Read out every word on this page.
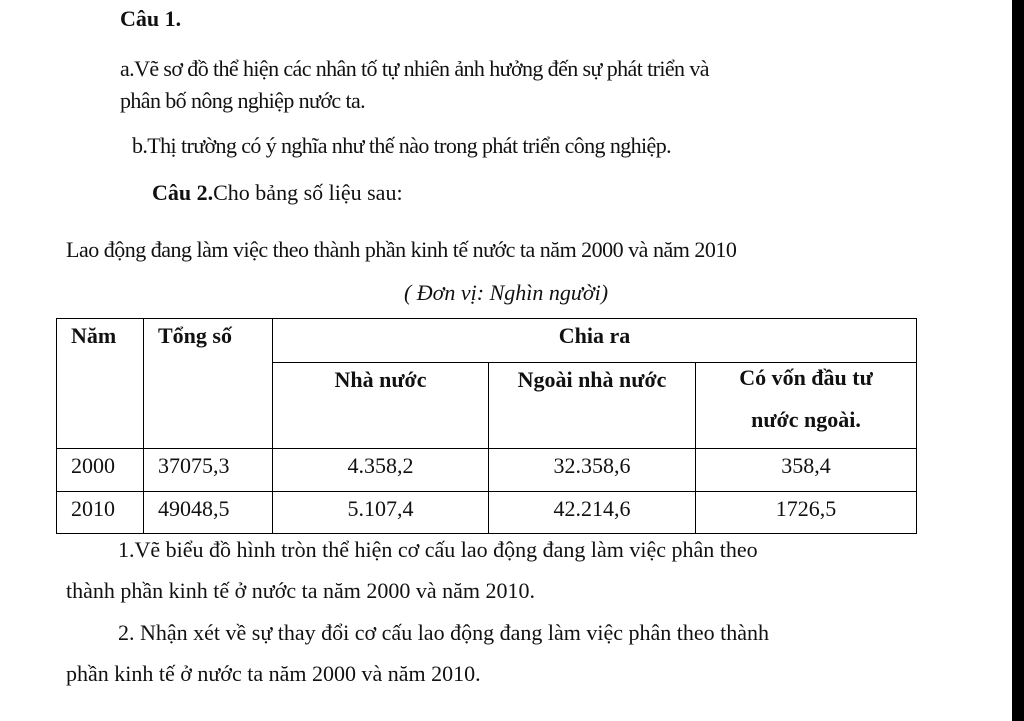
Câu 1.
a.Vẽ sơ đồ thể hiện các nhân tố tự nhiên ảnh hưởng đến sự phát triển và
phân bố nông nghiệp nước ta.
b.Thị trường có ý nghĩa như thế nào trong phát triển công nghiệp.
Câu 2.Cho bảng số liệu sau:
Lao động đang làm việc theo thành phần kinh tế nước ta năm 2000 và năm 2010
( Đơn vị: Nghìn người)
Năm	Tổng số	Chia ra		
		Nhà nước	Ngoài nhà nước	Có vốn đầu tư
nước ngoài.

2000	37075,3	4.358,2	32.358,6	358,4
2010	49048,5	5.107,4	42.214,6	1726,5
1.Vẽ biểu đồ hình tròn thể hiện cơ cấu lao động đang làm việc phân theo
thành phần kinh tế ở nước ta năm 2000 và năm 2010.
2. Nhận xét về sự thay đổi cơ cấu lao động đang làm việc phân theo thành
phần kinh tế ở nước ta năm 2000 và năm 2010.
